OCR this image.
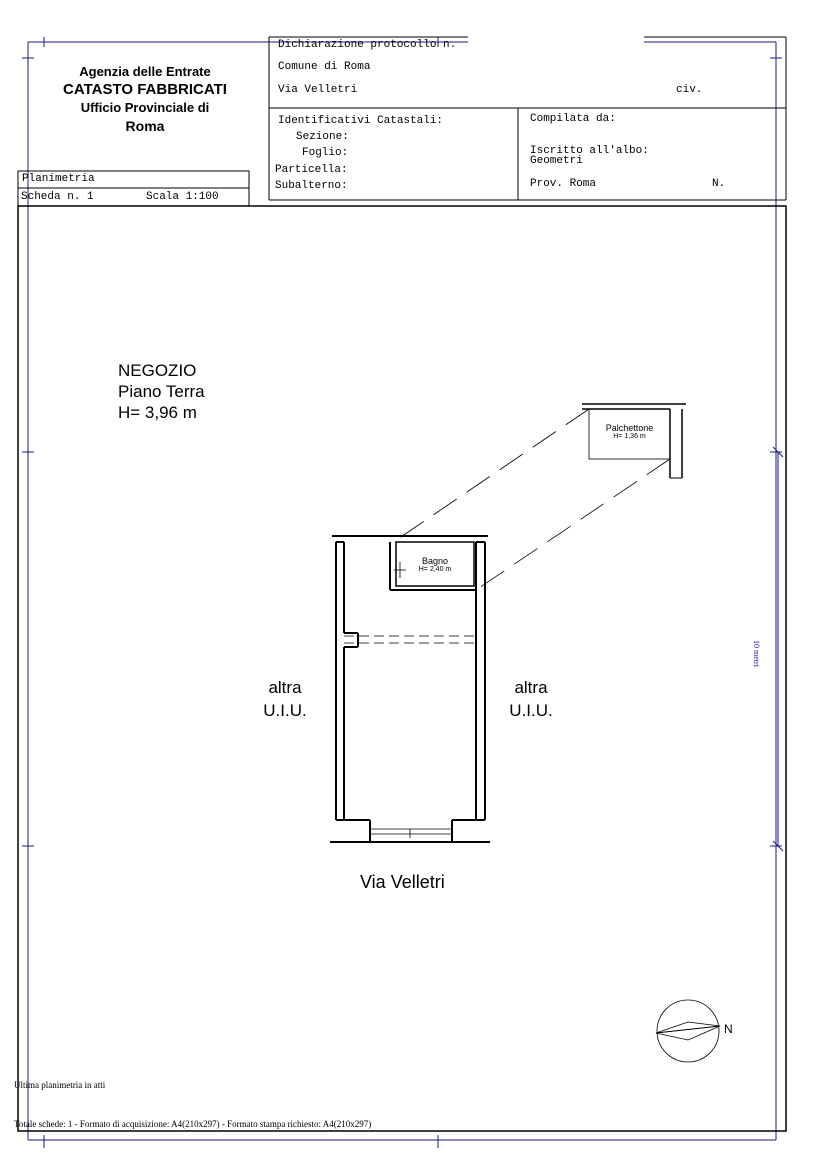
Agenzia delle Entrate
CATASTO FABBRICATI
Ufficio Provinciale di
Roma
Dichiarazione protocollo n.
Comune di Roma
Via Velletri	civ.
Identificativi Catastali:
Sezione:
Foglio:
Particella:
Subalterno:
Compilata da:
Iscritto all'albo:
Geometri
Prov. Roma	N.
Planimetria
Scheda n. 1	Scala 1:100
NEGOZIO
Piano Terra
H= 3,96 m
Palchettone
H= 1,36 m
Bagno
H= 2,40 m
altra
U.I.U.
altra
U.I.U.
Via Velletri
10 metri
N
Ultima planimetria in atti
Totale schede: 1 - Formato di acquisizione: A4(210x297) - Formato stampa richiesto: A4(210x297)
